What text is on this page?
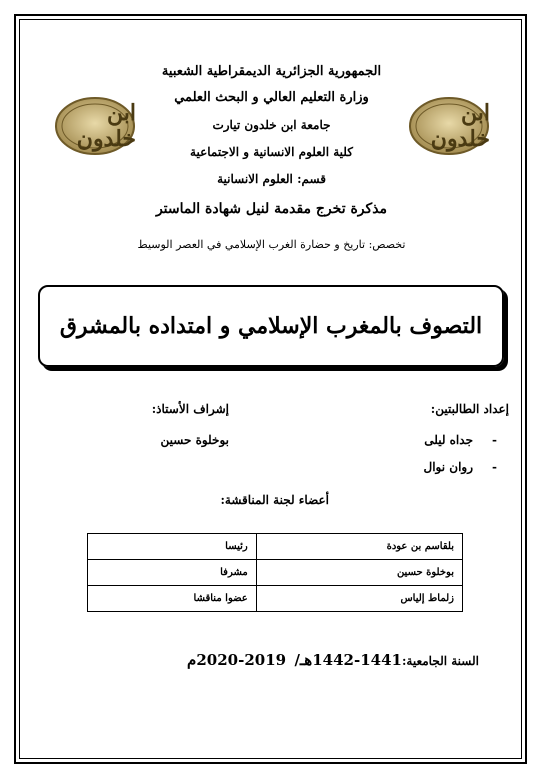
الجمهورية الجزائرية الديمقراطية الشعبية
وزارة التعليم العالي و البحث العلمي
جامعة ابن خلدون تيارت
كلية العلوم الانسانية و الاجتماعية
قسم: العلوم الانسانية
مذكرة تخرج مقدمة لنيل شهادة الماستر
تخصص: تاريخ و حضارة الغرب الإسلامي في العصر الوسيط
ابن خلدون
ابن خلدون
التصوف بالمغرب الإسلامي و امتداده بالمشرق
إعداد الطالبتين:
إشراف الأستاذ:
-
جداه ليلى
-
روان نوال
بوخلوة حسين
أعضاء لجنة المناقشة:
بلقاسم بن عودة	رئيسا
بوخلوة حسين	مشرفا
زلماط إلياس	عضوا مناقشا
السنة الجامعية:1441-1442هـ/  2019-2020م
